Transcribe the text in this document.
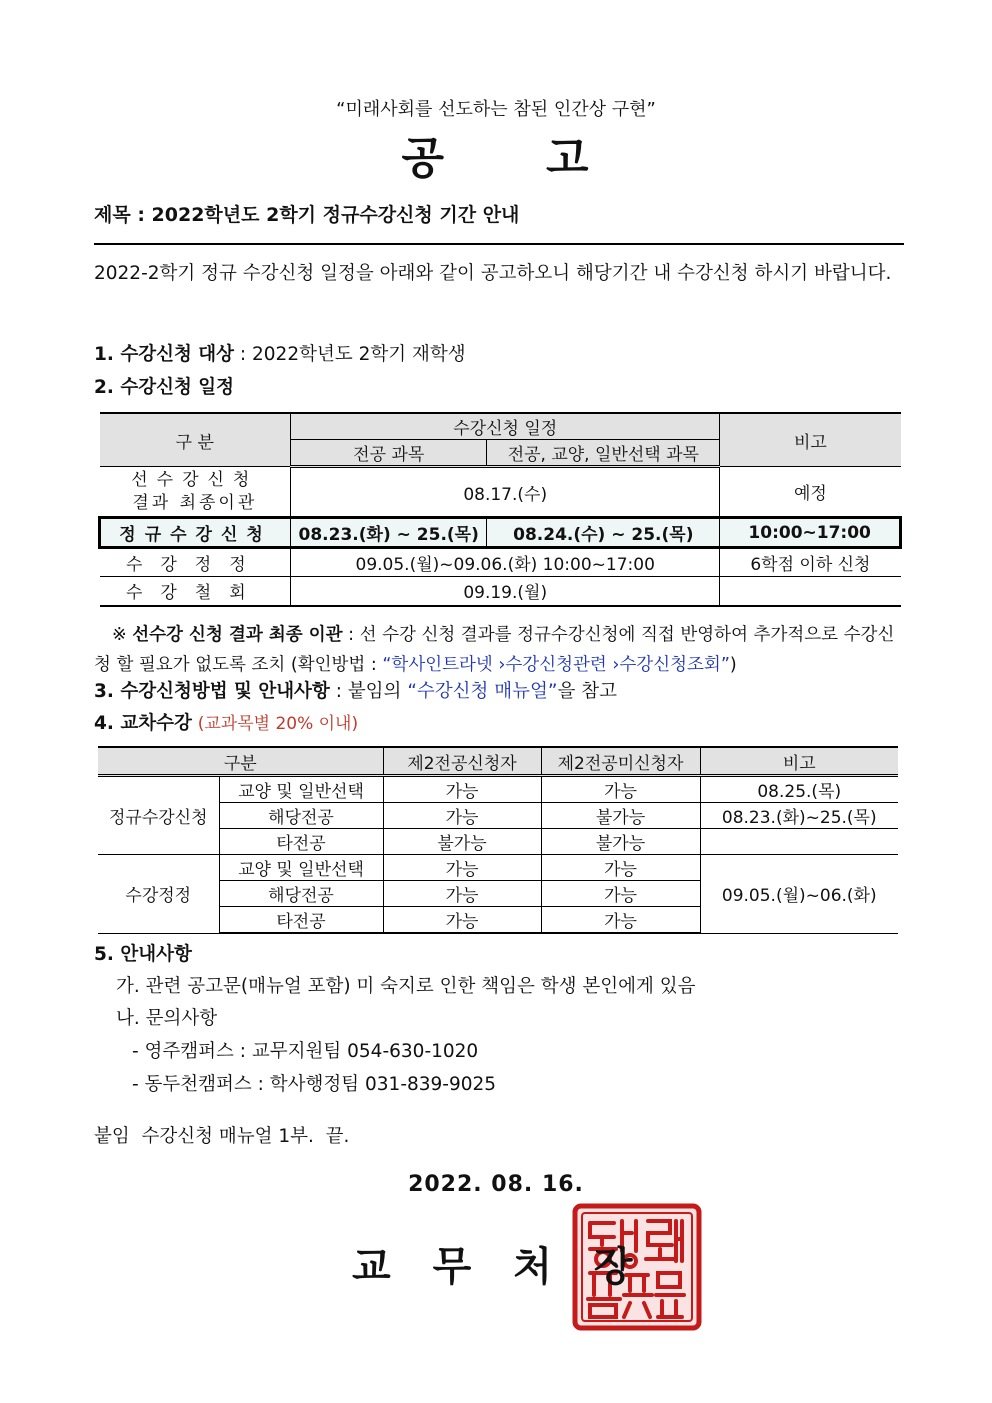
“미래사회를 선도하는 참된 인간상 구현”
공 고
제목 : 2022학년도 2학기 정규수강신청 기간 안내
2022-2학기 정규 수강신청 일정을 아래와 같이 공고하오니 해당기간 내 수강신청 하시기 바랍니다.
1. 수강신청 대상 : 2022학년도 2학기 재학생
2. 수강신청 일정
구 분	수강신청 일정		비고
	전공 과목	전공, 교양, 일반선택 과목	

선수강신청
결과 최종이관	08.17.(수)		예정
정규수강신청	08.23.(화) ~ 25.(목)	08.24.(수) ~ 25.(목)	10:00~17:00
수강정정	09.05.(월)~09.06.(화) 10:00~17:00		6학점 이하 신청
수강철회	09.19.(월)		
※ 선수강 신청 결과 최종 이관 : 선 수강 신청 결과를 정규수강신청에 직접 반영하여 추가적으로 수강신청 할 필요가 없도록 조치 (확인방법 : “학사인트라넷 ›수강신청관련 ›수강신청조회”)
3. 수강신청방법 및 안내사항 : 붙임의 “수강신청 매뉴얼”을 참고
4. 교차수강 (교과목별 20% 이내)
구분		제2전공신청자	제2전공미신청자	비고
정규수강신청	교양 및 일반선택	가능	가능	08.25.(목)
	해당전공	가능	불가능	08.23.(화)~25.(목)
	타전공	불가능	불가능	
수강정정	교양 및 일반선택	가능	가능	09.05.(월)~06.(화)
	해당전공	가능	가능	
	타전공	가능	가능	
5. 안내사항
가. 관련 공고문(매뉴얼 포함) 미 숙지로 인한 책임은 학생 본인에게 있음
나. 문의사항
- 영주캠퍼스 : 교무지원팀 054-630-1020
- 동두천캠퍼스 : 학사행정팀 031-839-9025
붙임  수강신청 매뉴얼 1부.  끝.
2022. 08. 16.
교 무 처 장
